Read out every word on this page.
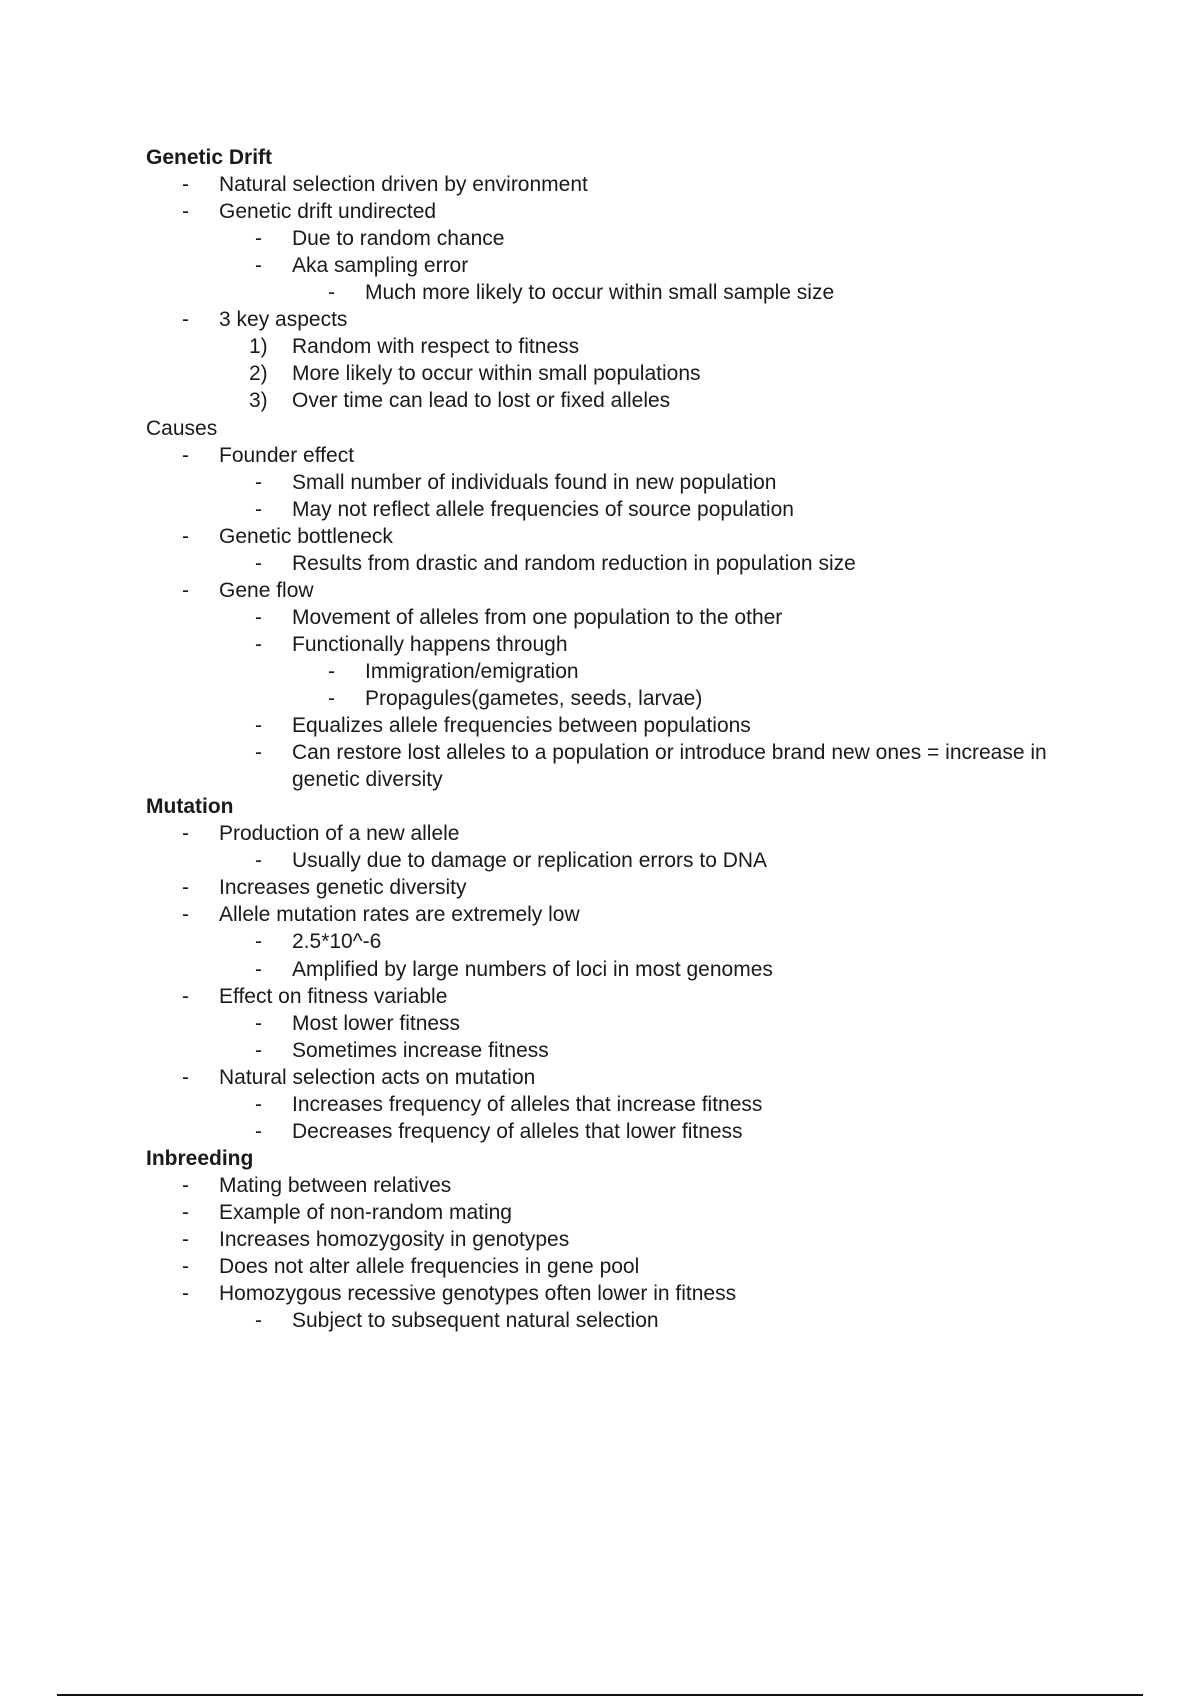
Genetic Drift
- Natural selection driven by environment
- Genetic drift undirected
- Due to random chance
- Aka sampling error
- Much more likely to occur within small sample size
- 3 key aspects
1) Random with respect to fitness
2) More likely to occur within small populations
3) Over time can lead to lost or fixed alleles
Causes
- Founder effect
- Small number of individuals found in new population
- May not reflect allele frequencies of source population
- Genetic bottleneck
- Results from drastic and random reduction in population size
- Gene flow
- Movement of alleles from one population to the other
- Functionally happens through
- Immigration/emigration
- Propagules(gametes, seeds, larvae)
- Equalizes allele frequencies between populations
- Can restore lost alleles to a population or introduce brand new ones = increase in
genetic diversity
Mutation
- Production of a new allele
- Usually due to damage or replication errors to DNA
- Increases genetic diversity
- Allele mutation rates are extremely low
- 2.5*10^-6
- Amplified by large numbers of loci in most genomes
- Effect on fitness variable
- Most lower fitness
- Sometimes increase fitness
- Natural selection acts on mutation
- Increases frequency of alleles that increase fitness
- Decreases frequency of alleles that lower fitness
Inbreeding
- Mating between relatives
- Example of non-random mating
- Increases homozygosity in genotypes
- Does not alter allele frequencies in gene pool
- Homozygous recessive genotypes often lower in fitness
- Subject to subsequent natural selection
